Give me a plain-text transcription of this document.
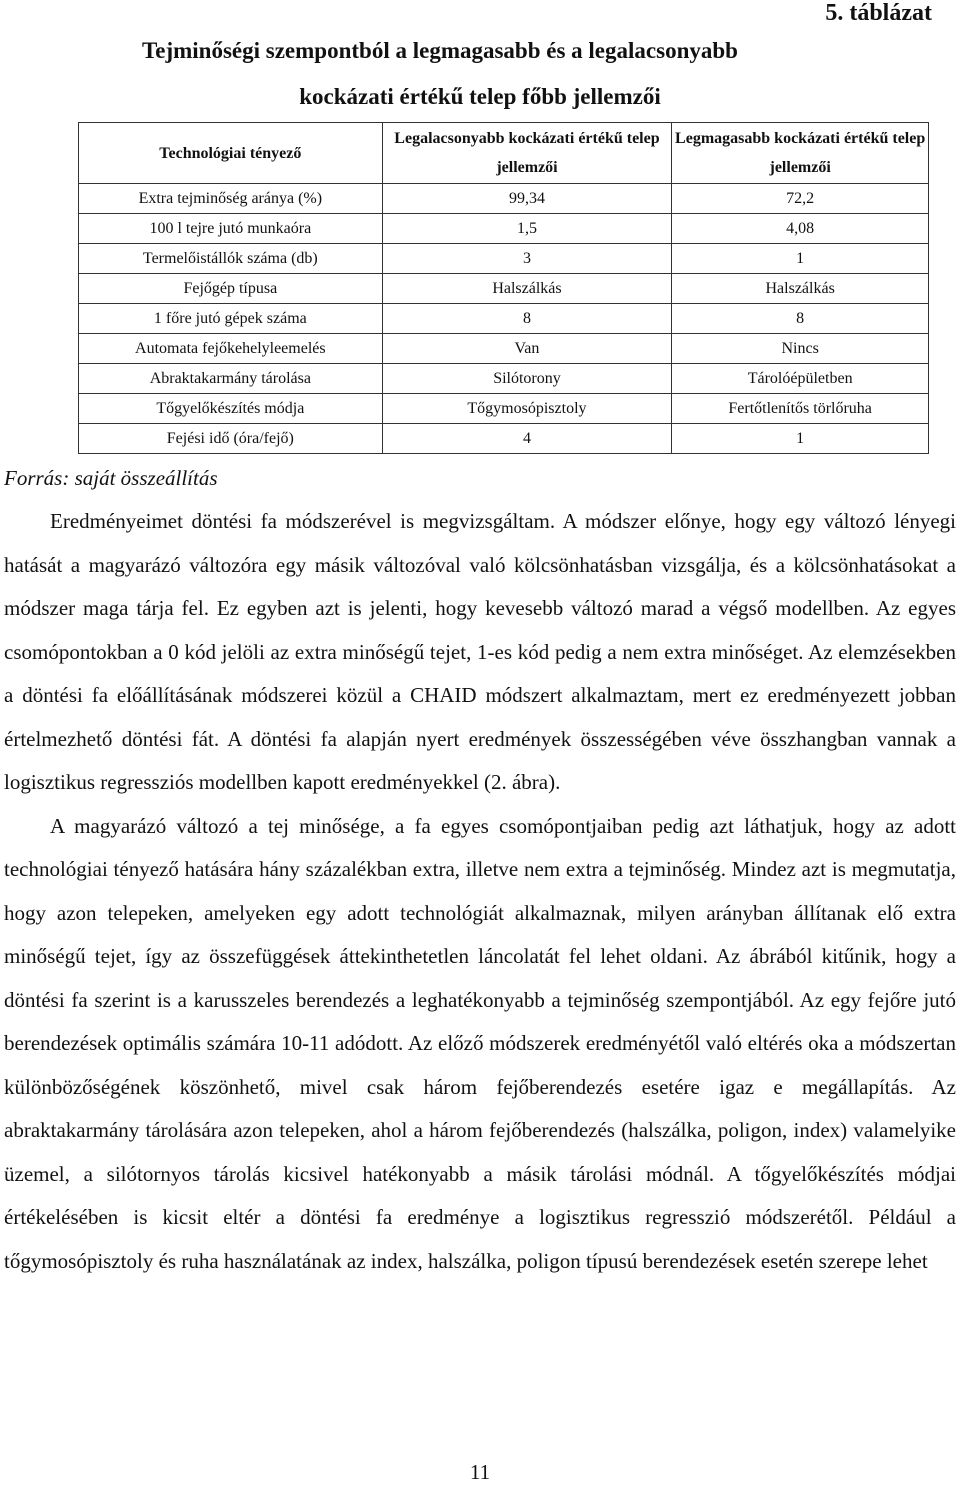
5. táblázat
Tejminőségi szempontból a legmagasabb és a legalacsonyabb
kockázati értékű telep főbb jellemzői
Technológiai tényező	Legalacsonyabb kockázati értékű telep jellemzői	Legmagasabb kockázati értékű telep jellemzői
Extra tejminőség aránya (%)	99,34	72,2
100 l tejre jutó munkaóra	1,5	4,08
Termelőistállók száma (db)	3	1
Fejőgép típusa	Halszálkás	Halszálkás
1 főre jutó gépek száma	8	8
Automata fejőkehelyleemelés	Van	Nincs
Abraktakarmány tárolása	Silótorony	Tárolóépületben
Tőgyelőkészítés módja	Tőgymosópisztoly	Fertőtlenítős törlőruha
Fejési idő (óra/fejő)	4	1
Forrás: saját összeállítás

Eredményeimet döntési fa módszerével is megvizsgáltam. A módszer előnye, hogy egy változó lényegi hatását a magyarázó változóra egy másik változóval való kölcsönhatásban vizsgálja, és a kölcsönhatásokat a módszer maga tárja fel. Ez egyben azt is jelenti, hogy kevesebb változó marad a végső modellben. Az egyes csomópontokban a 0 kód jelöli az extra minőségű tejet, 1-es kód pedig a nem extra minőséget. Az elemzésekben a döntési fa előállításának módszerei közül a CHAID módszert alkalmaztam, mert ez eredményezett jobban értelmezhető döntési fát. A döntési fa alapján nyert eredmények összességében véve összhangban vannak a logisztikus regressziós modellben kapott eredményekkel (2. ábra).

A magyarázó változó a tej minősége, a fa egyes csomópontjaiban pedig azt láthatjuk, hogy az adott technológiai tényező hatására hány százalékban extra, illetve nem extra a tejminőség. Mindez azt is megmutatja, hogy azon telepeken, amelyeken egy adott technológiát alkalmaznak, milyen arányban állítanak elő extra minőségű tejet, így az összefüggések áttekinthetetlen láncolatát fel lehet oldani. Az ábrából kitűnik, hogy a döntési fa szerint is a karusszeles berendezés a leghatékonyabb a tejminőség szempontjából. Az egy fejőre jutó berendezések optimális számára 10-11 adódott. Az előző módszerek eredményétől való eltérés oka a módszertan különbözőségének köszönhető, mivel csak három fejőberendezés esetére igaz e megállapítás. Az abraktakarmány tárolására azon telepeken, ahol a három fejőberendezés (halszálka, poligon, index) valamelyike üzemel, a silótornyos tárolás kicsivel hatékonyabb a másik tárolási módnál. A tőgyelőkészítés módjai értékelésében is kicsit eltér a döntési fa eredménye a logisztikus regresszió módszerétől. Például a tőgymosópisztoly és ruha használatának az index, halszálka, poligon típusú berendezések esetén szerepe lehet

11
